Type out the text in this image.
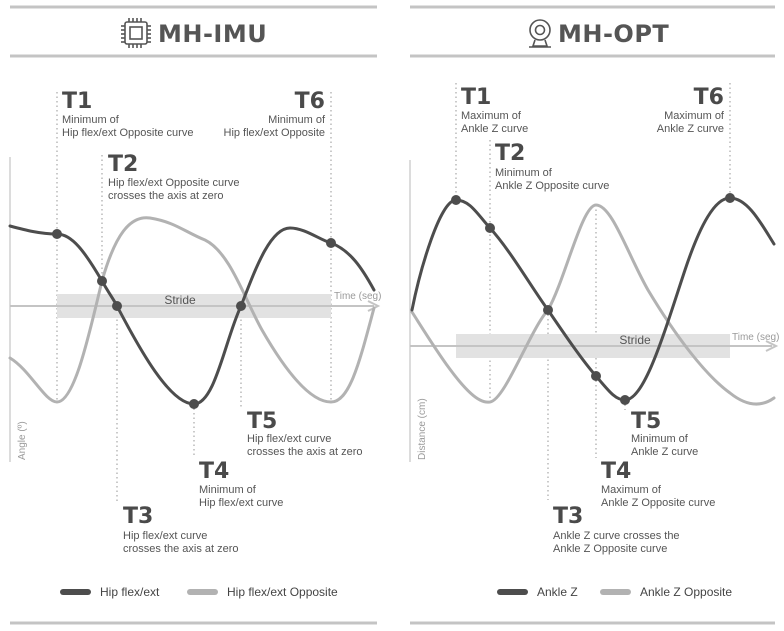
MH-IMU
Stride	Time (seg)
Angle (º)
T1
Minimum of
Hip flex/ext Opposite curve
T2
Hip flex/ext Opposite curve
crosses the axis at zero
T3
Hip flex/ext curve
crosses the axis at zero
T4
Minimum of
Hip flex/ext curve
T5
Hip flex/ext curve
crosses the axis at zero
T6
Minimum of
Hip flex/ext Opposite
Hip flex/ext	Hip flex/ext Opposite
MH-OPT
Stride	Time (seg)
Distance (cm)
T1
Maximum of
Ankle Z curve
T2
Minimum of
Ankle Z Opposite curve
T3
Ankle Z curve crosses the
Ankle Z Opposite curve
T4
Maximum of
Ankle Z Opposite curve
T5
Minimum of
Ankle Z curve
T6
Maximum of
Ankle Z curve
Ankle Z	Ankle Z Opposite
